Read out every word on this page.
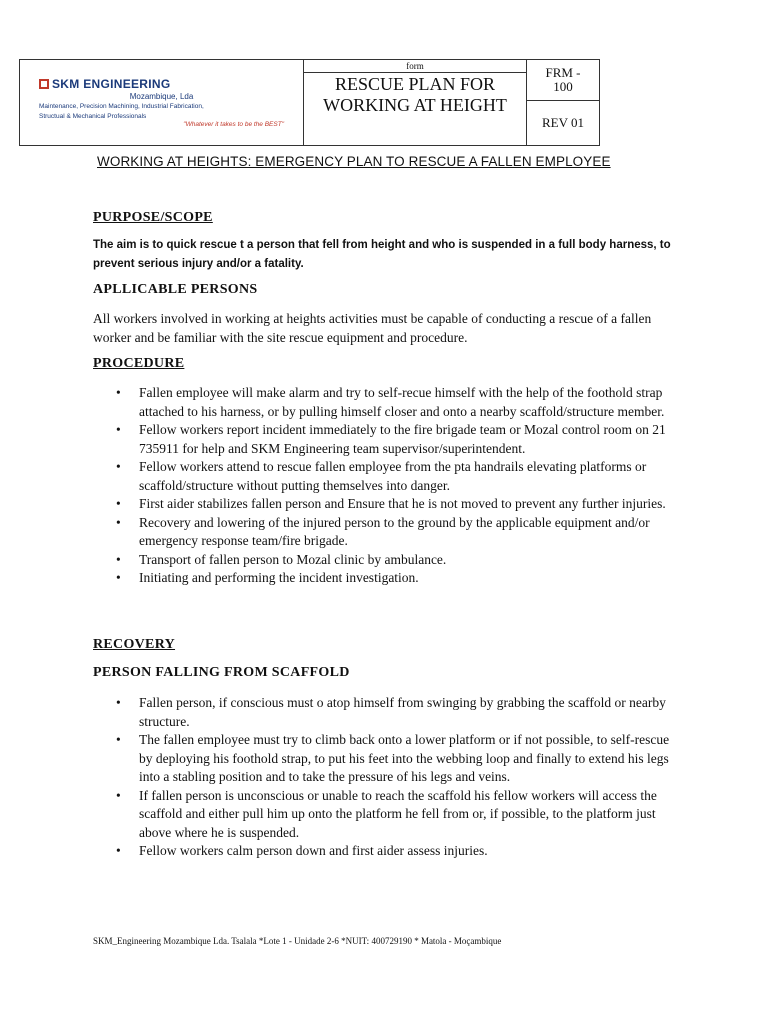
SKM ENGINEERING
Mozambique, Lda
Maintenance, Precision Machining, Industrial Fabrication,
Structual & Mechanical Professionals
"Whatever it takes to be the BEST"

form
RESCUE PLAN FOR WORKING AT HEIGHT

FRM - 100
REV 01

WORKING AT HEIGHTS: EMERGENCY PLAN TO RESCUE A FALLEN EMPLOYEE
PURPOSE/SCOPE

The aim is to quick rescue t a person that fell from height and who is suspended in a full body harness, to prevent serious injury and/or a fatality.

APLLICABLE PERSONS

All workers involved in working at heights activities must be capable of conducting a rescue of a fallen worker and be familiar with the site rescue equipment and procedure.

PROCEDURE
• Fallen employee will make alarm and try to self-recue himself with the help of the foothold strap attached to his harness, or by pulling himself closer and onto a nearby scaffold/structure member.
• Fellow workers report incident immediately to the fire brigade team or Mozal control room on 21 735911 for help and SKM Engineering team supervisor/superintendent.
• Fellow workers attend to rescue fallen employee from the pta handrails elevating platforms or scaffold/structure without putting themselves into danger.
• First aider stabilizes fallen person and Ensure that he is not moved to prevent any further injuries.
• Recovery and lowering of the injured person to the ground by the applicable equipment and/or emergency response team/fire brigade.
• Transport of fallen person to Mozal clinic by ambulance.
• Initiating and performing the incident investigation.
RECOVERY
PERSON FALLING FROM SCAFFOLD
• Fallen person, if conscious must o atop himself from swinging by grabbing the scaffold or nearby structure.
• The fallen employee must try to climb back onto a lower platform or if not possible, to self-rescue by deploying his foothold strap, to put his feet into the webbing loop and finally to extend his legs into a stabling position and to take the pressure of his legs and veins.
• If fallen person is unconscious or unable to reach the scaffold his fellow workers will access the scaffold and either pull him up onto the platform he fell from or, if possible, to the platform just above where he is suspended.
• Fellow workers calm person down and first aider assess injuries.
SKM_Engineering Mozambique Lda. Tsalala *Lote 1 - Unidade 2-6 *NUIT: 400729190 * Matola - Moçambique
